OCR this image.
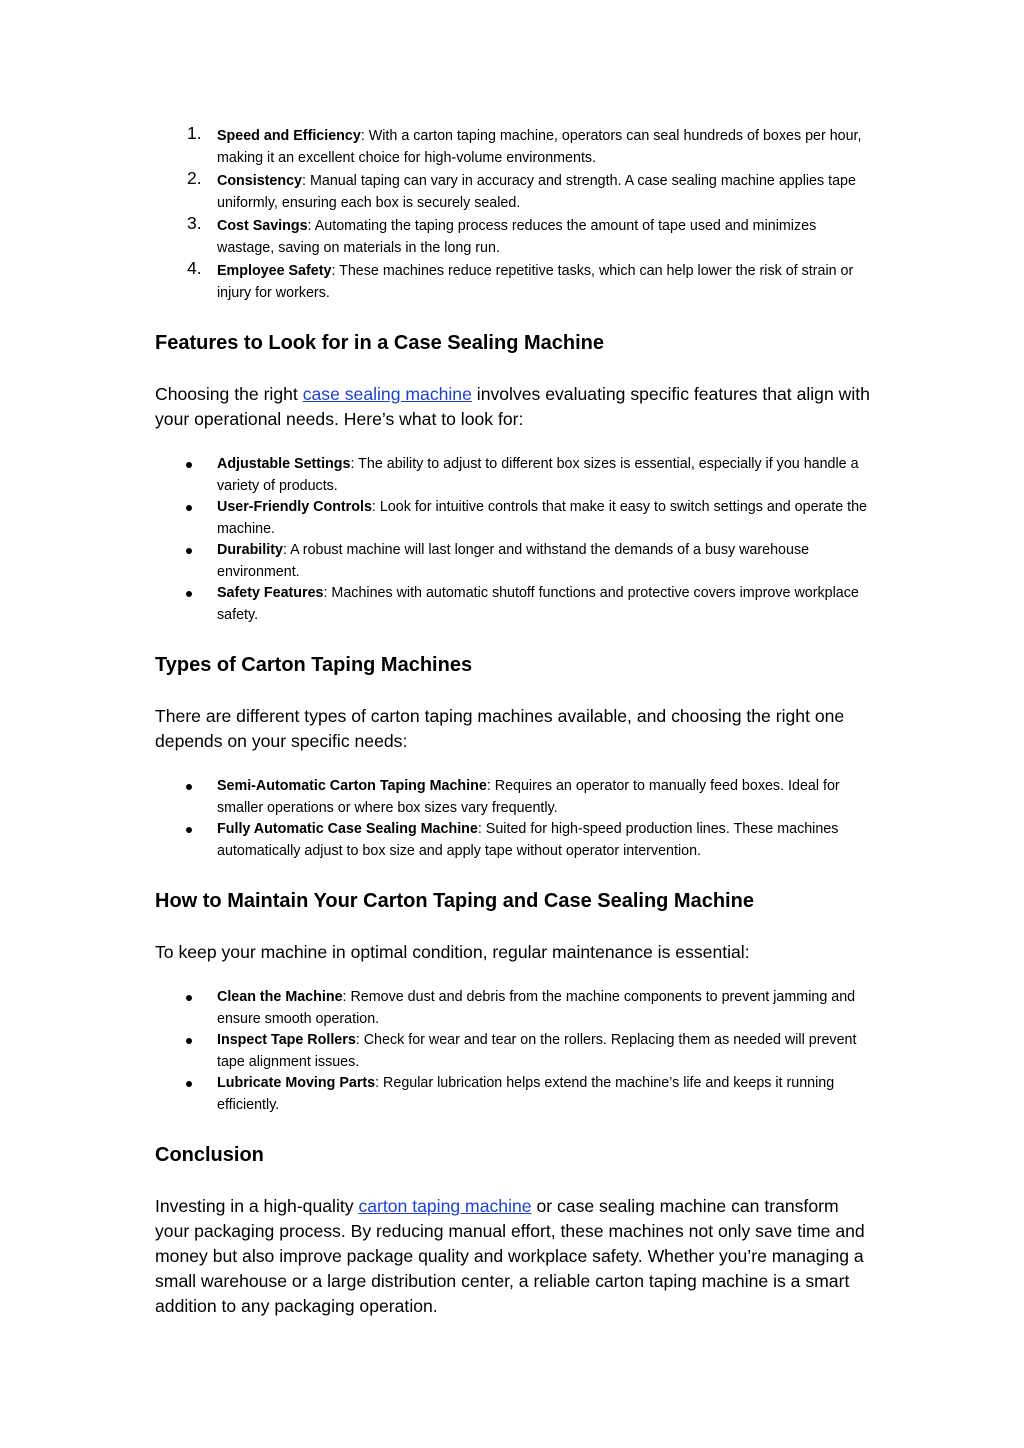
1. Speed and Efficiency: With a carton taping machine, operators can seal hundreds of boxes per hour, making it an excellent choice for high-volume environments.
2. Consistency: Manual taping can vary in accuracy and strength. A case sealing machine applies tape uniformly, ensuring each box is securely sealed.
3. Cost Savings: Automating the taping process reduces the amount of tape used and minimizes wastage, saving on materials in the long run.
4. Employee Safety: These machines reduce repetitive tasks, which can help lower the risk of strain or injury for workers.
Features to Look for in a Case Sealing Machine

Choosing the right case sealing machine involves evaluating specific features that align with your operational needs. Here’s what to look for:

Adjustable Settings: The ability to adjust to different box sizes is essential, especially if you handle a variety of products.
User-Friendly Controls: Look for intuitive controls that make it easy to switch settings and operate the machine.
Durability: A robust machine will last longer and withstand the demands of a busy warehouse environment.
Safety Features: Machines with automatic shutoff functions and protective covers improve workplace safety.
Types of Carton Taping Machines

There are different types of carton taping machines available, and choosing the right one depends on your specific needs:

Semi-Automatic Carton Taping Machine: Requires an operator to manually feed boxes. Ideal for smaller operations or where box sizes vary frequently.
Fully Automatic Case Sealing Machine: Suited for high-speed production lines. These machines automatically adjust to box size and apply tape without operator intervention.
How to Maintain Your Carton Taping and Case Sealing Machine

To keep your machine in optimal condition, regular maintenance is essential:

Clean the Machine: Remove dust and debris from the machine components to prevent jamming and ensure smooth operation.
Inspect Tape Rollers: Check for wear and tear on the rollers. Replacing them as needed will prevent tape alignment issues.
Lubricate Moving Parts: Regular lubrication helps extend the machine’s life and keeps it running efficiently.
Conclusion

Investing in a high-quality carton taping machine or case sealing machine can transform your packaging process. By reducing manual effort, these machines not only save time and money but also improve package quality and workplace safety. Whether you’re managing a small warehouse or a large distribution center, a reliable carton taping machine is a smart addition to any packaging operation.
